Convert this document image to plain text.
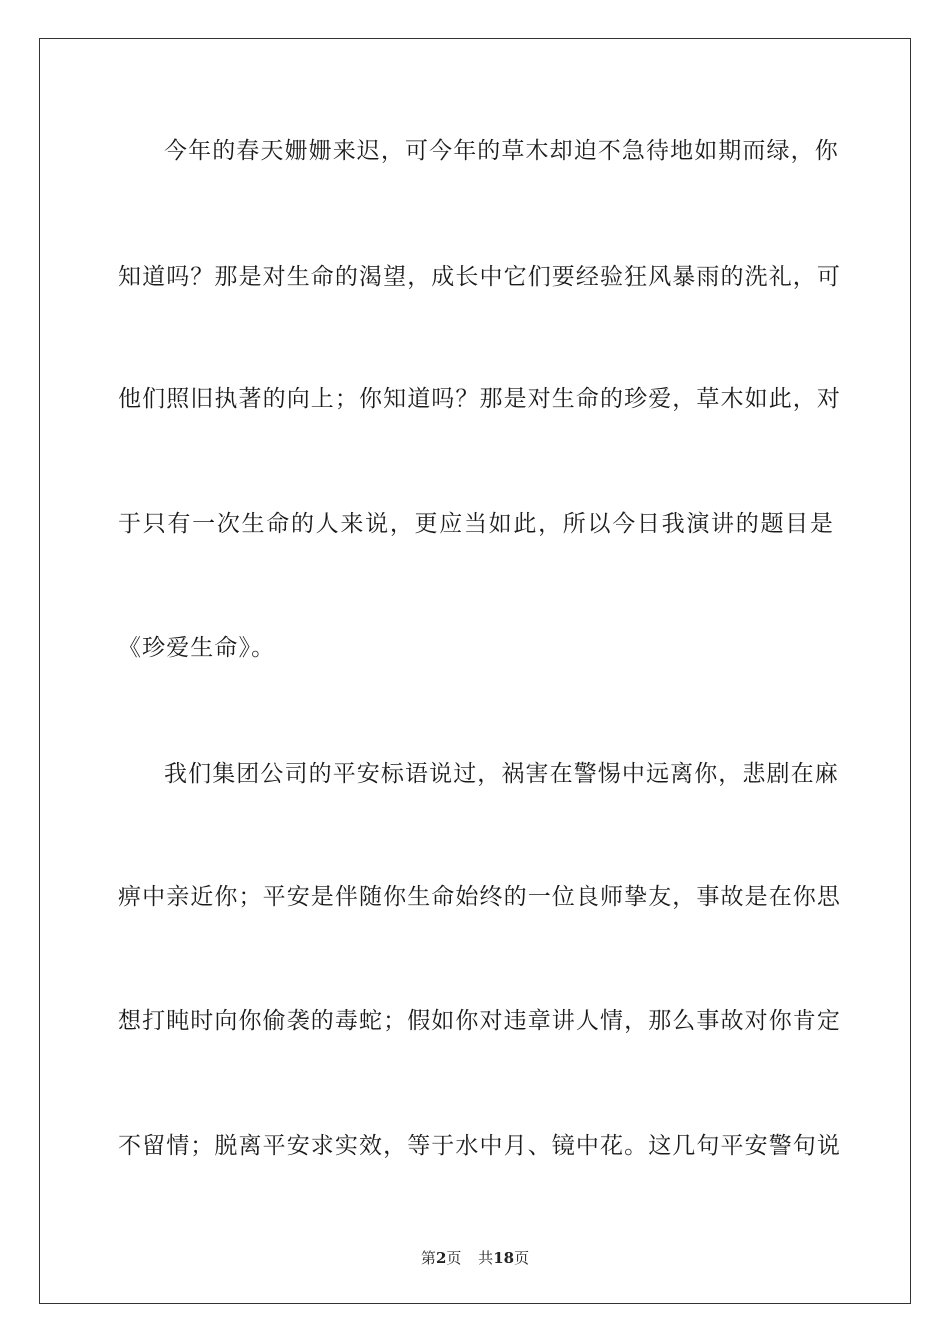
今年的春天姗姗来迟，可今年的草木却迫不急待地如期而绿，你
知道吗？那是对生命的渴望，成长中它们要经验狂风暴雨的洗礼，可
他们照旧执著的向上；你知道吗？那是对生命的珍爱，草木如此，对
于只有一次生命的人来说，更应当如此，所以今日我演讲的题目是
《珍爱生命》。
我们集团公司的平安标语说过，祸害在警惕中远离你，悲剧在麻
痹中亲近你；平安是伴随你生命始终的一位良师挚友，事故是在你思
想打盹时向你偷袭的毒蛇；假如你对违章讲人情，那么事故对你肯定
不留情；脱离平安求实效，等于水中月、镜中花。这几句平安警句说
第2页 共18页
